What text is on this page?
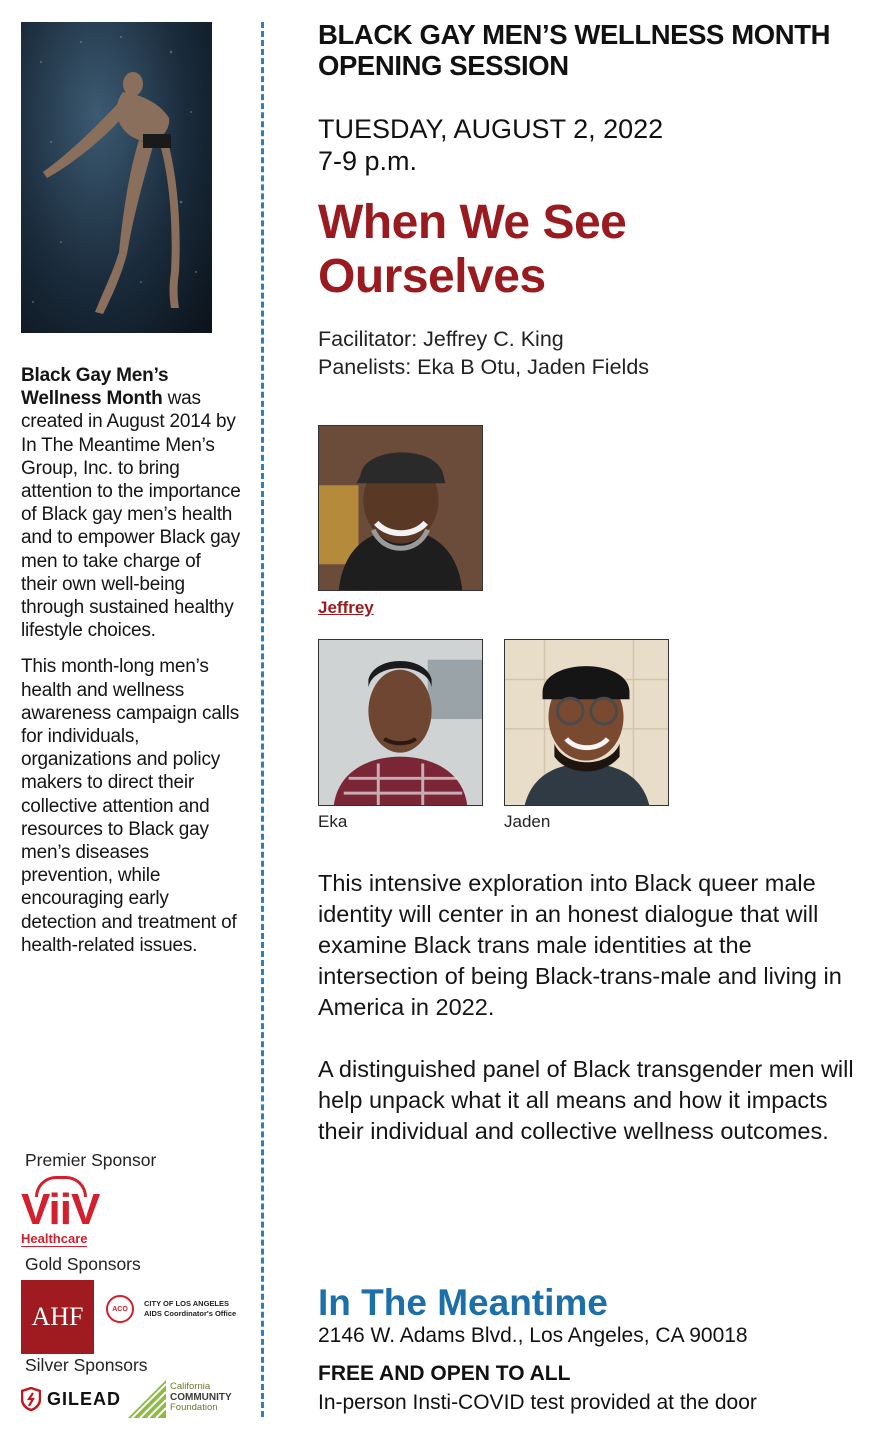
Black Gay Men’s Wellness Month was created in August 2014 by In The Meantime Men’s Group, Inc. to bring attention to the importance of Black gay men’s health and to empower Black gay men to take charge of their own well-being through sustained healthy lifestyle choices.

This month-long men’s health and wellness awareness campaign calls for individuals, organizations and policy makers to direct their collective attention and resources to Black gay men’s diseases prevention, while encouraging early detection and treatment of health-related issues.

Premier Sponsor
ViiV
Healthcare
Gold Sponsors
AHF	ACO
CITY OF LOS ANGELES
AIDS Coordinator's Office
Silver Sponsors
GILEAD
California
COMMUNITY
Foundation
BLACK GAY MEN’S WELLNESS MONTH
OPENING SESSION
TUESDAY, AUGUST 2, 2022
7-9 p.m.
When We See
Ourselves
Facilitator: Jeffrey C. King
Panelists: Eka B Otu, Jaden Fields
Jeffrey
Eka	Jaden

This intensive exploration into Black queer male identity will center in an honest dialogue that will examine Black trans male identities at the intersection of being Black-trans-male and living in America in 2022.

A distinguished panel of Black transgender men will help unpack what it all means and how it impacts their individual and collective wellness outcomes.

In The Meantime
2146 W. Adams Blvd., Los Angeles, CA 90018
FREE AND OPEN TO ALL
In-person Insti-COVID test provided at the door
